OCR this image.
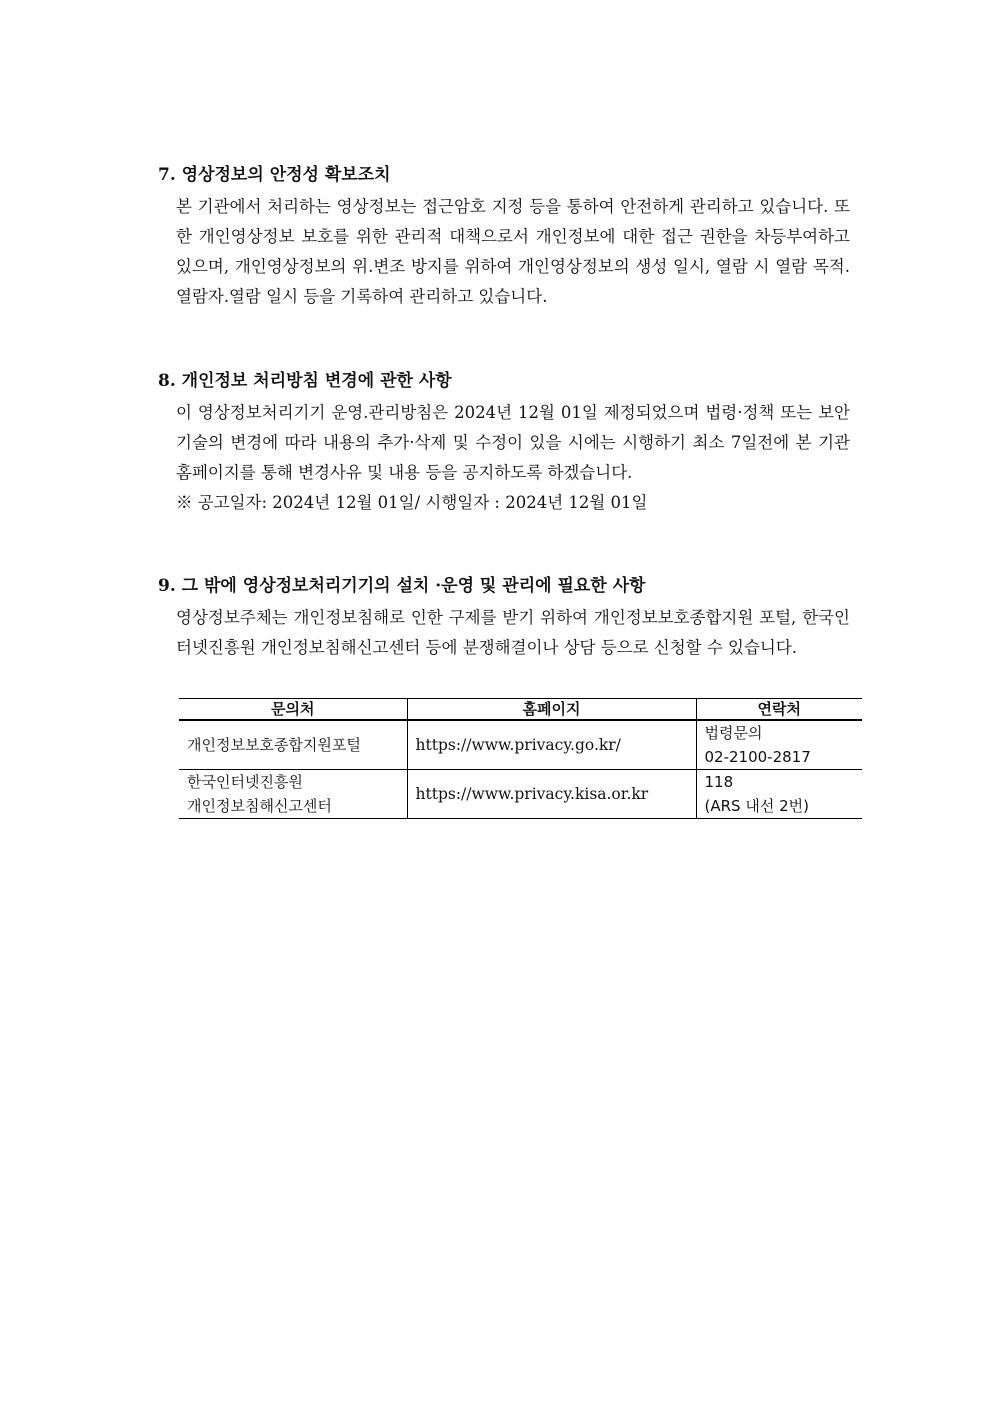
7. 영상정보의 안정성 확보조치

본 기관에서 처리하는 영상정보는 접근암호 지정 등을 통하여 안전하게 관리하고 있습니다. 또한 개인영상정보 보호를 위한 관리적 대책으로서 개인정보에 대한 접근 권한을 차등부여하고 있으며, 개인영상정보의 위.변조 방지를 위하여 개인영상정보의 생성 일시, 열람 시 열람 목적.열람자.열람 일시 등을 기록하여 관리하고 있습니다.

8. 개인정보 처리방침 변경에 관한 사항

이 영상정보처리기기 운영.관리방침은 2024년 12월 01일 제정되었으며 법령·정책 또는 보안기술의 변경에 따라 내용의 추가·삭제 및 수정이 있을 시에는 시행하기 최소 7일전에 본 기관 홈페이지를 통해 변경사유 및 내용 등을 공지하도록 하겠습니다.

※ 공고일자: 2024년 12월 01일/ 시행일자 : 2024년 12월 01일

9. 그 밖에 영상정보처리기기의 설치 ·운영 및 관리에 필요한 사항

영상정보주체는 개인정보침해로 인한 구제를 받기 위하여 개인정보보호종합지원 포털, 한국인터넷진흥원 개인정보침해신고센터 등에 분쟁해결이나 상담 등으로 신청할 수 있습니다.

문의처	홈페이지	연락처

개인정보보호종합지원포털	https://www.privacy.go.kr/	법령문의
02-2100-2817

한국인터넷진흥원
개인정보침해신고센터	https://www.privacy.kisa.or.kr	118
(ARS 내선 2번)
